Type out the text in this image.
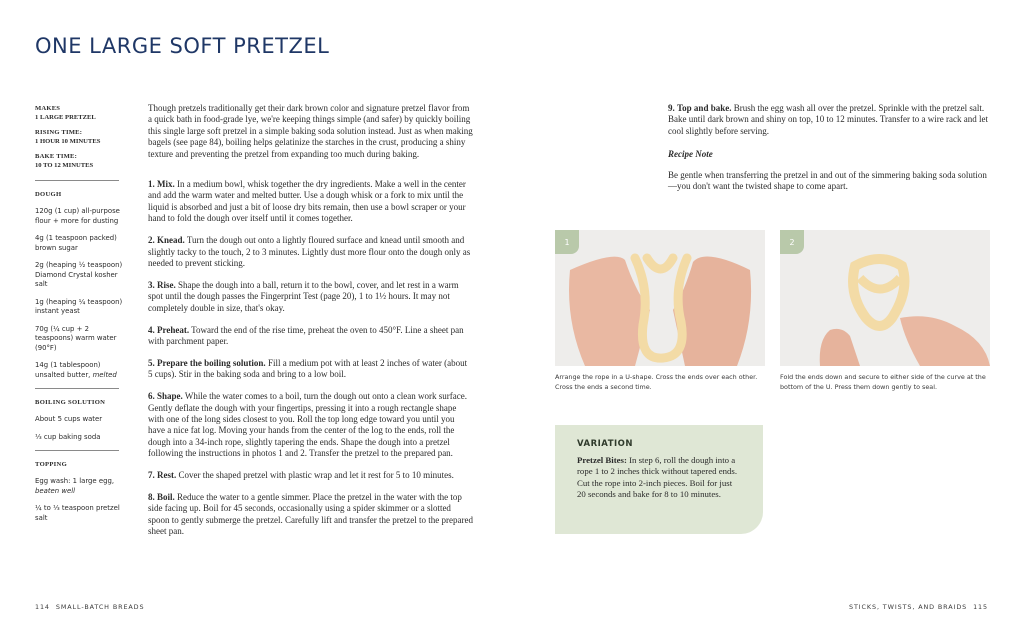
ONE LARGE SOFT PRETZEL
MAKES
1 LARGE PRETZEL
RISING TIME:
1 HOUR 10 MINUTES
BAKE TIME:
10 TO 12 MINUTES
DOUGH
120g (1 cup) all-purpose flour + more for dusting
4g (1 teaspoon packed) brown sugar
2g (heaping ½ teaspoon) Diamond Crystal kosher salt
1g (heaping ¼ teaspoon) instant yeast
70g (¼ cup + 2 teaspoons) warm water (90°F)
14g (1 tablespoon) unsalted butter, melted
BOILING SOLUTION
About 5 cups water
⅓ cup baking soda
TOPPING
Egg wash: 1 large egg, beaten well
¼ to ⅓ teaspoon pretzel salt

Though pretzels traditionally get their dark brown color and signature pretzel flavor from a quick bath in food-grade lye, we're keeping things simple (and safer) by quickly boiling this single large soft pretzel in a simple baking soda solution instead. Just as when making bagels (see page 84), boiling helps gelatinize the starches in the crust, producing a shiny texture and preventing the pretzel from expanding too much during baking.

1. Mix. In a medium bowl, whisk together the dry ingredients. Make a well in the center and add the warm water and melted butter. Use a dough whisk or a fork to mix until the liquid is absorbed and just a bit of loose dry bits remain, then use a bowl scraper or your hand to fold the dough over itself until it comes together.

2. Knead. Turn the dough out onto a lightly floured surface and knead until smooth and slightly tacky to the touch, 2 to 3 minutes. Lightly dust more flour onto the dough only as needed to prevent sticking.

3. Rise. Shape the dough into a ball, return it to the bowl, cover, and let rest in a warm spot until the dough passes the Fingerprint Test (page 20), 1 to 1½ hours. It may not completely double in size, that's okay.

4. Preheat. Toward the end of the rise time, preheat the oven to 450°F. Line a sheet pan with parchment paper.

5. Prepare the boiling solution. Fill a medium pot with at least 2 inches of water (about 5 cups). Stir in the baking soda and bring to a low boil.

6. Shape. While the water comes to a boil, turn the dough out onto a clean work surface. Gently deflate the dough with your fingertips, pressing it into a rough rectangle shape with one of the long sides closest to you. Roll the top long edge toward you until you have a nice fat log. Moving your hands from the center of the log to the ends, roll the dough into a 34-inch rope, slightly tapering the ends. Shape the dough into a pretzel following the instructions in photos 1 and 2. Transfer the pretzel to the prepared pan.

7. Rest. Cover the shaped pretzel with plastic wrap and let it rest for 5 to 10 minutes.

8. Boil. Reduce the water to a gentle simmer. Place the pretzel in the water with the top side facing up. Boil for 45 seconds, occasionally using a spider skimmer or a slotted spoon to gently submerge the pretzel. Carefully lift and transfer the pretzel to the prepared sheet pan.

9. Top and bake. Brush the egg wash all over the pretzel. Sprinkle with the pretzel salt. Bake until dark brown and shiny on top, 10 to 12 minutes. Transfer to a wire rack and let cool slightly before serving.

Recipe Note

Be gentle when transferring the pretzel in and out of the simmering baking soda solution—you don't want the twisted shape to come apart.

1
Arrange the rope in a U-shape. Cross the ends over each other. Cross the ends a second time.
2
Fold the ends down and secure to either side of the curve at the bottom of the U. Press them down gently to seal.
VARIATION

Pretzel Bites: In step 6, roll the dough into a rope 1 to 2 inches thick without tapered ends. Cut the rope into 2-inch pieces. Boil for just 20 seconds and bake for 8 to 10 minutes.

114 SMALL-BATCH BREADS	STICKS, TWISTS, AND BRAIDS 115
